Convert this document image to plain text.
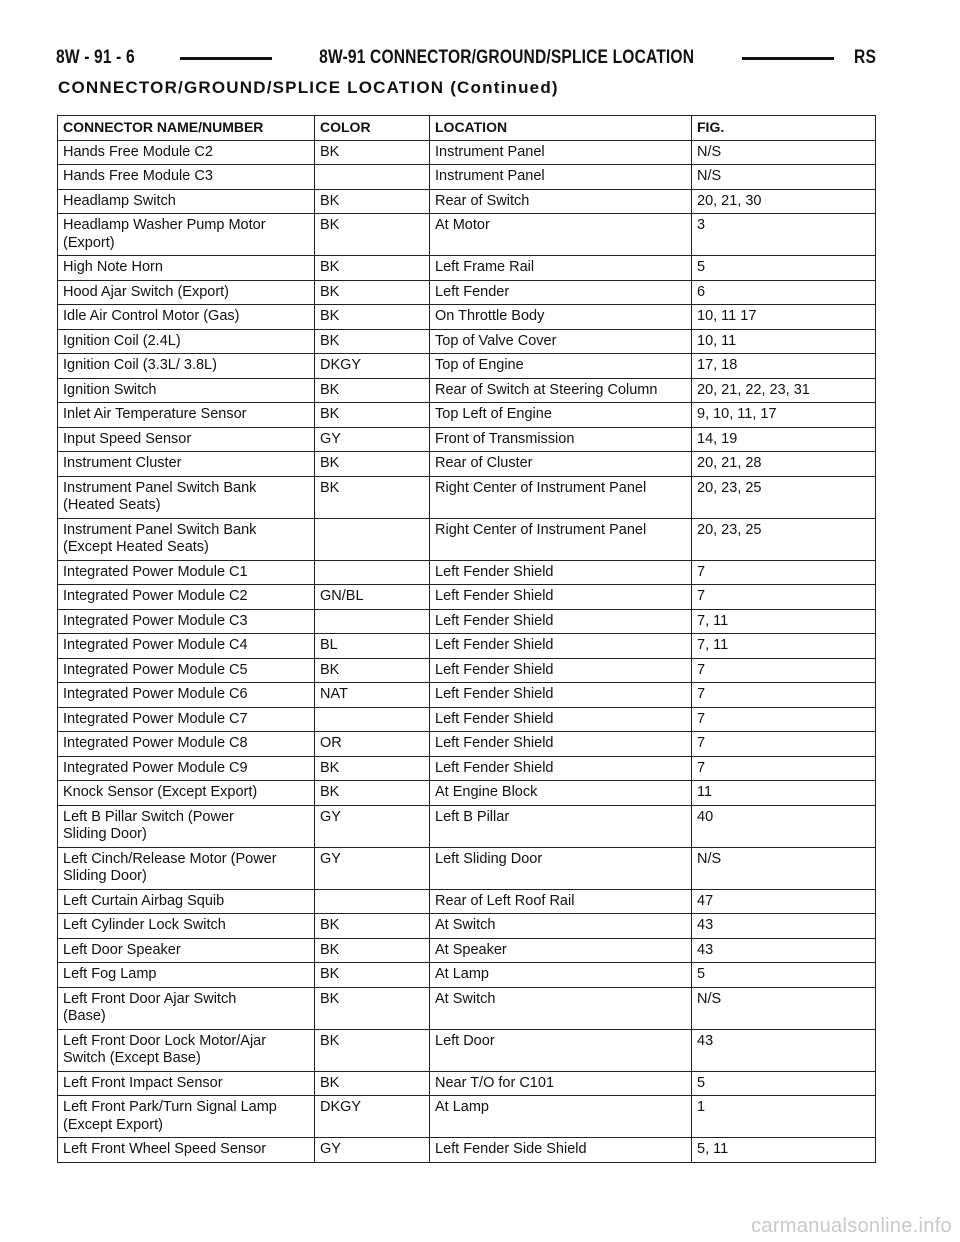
8W - 91 - 6	8W-91 CONNECTOR/GROUND/SPLICE LOCATION	RS
CONNECTOR/GROUND/SPLICE LOCATION (Continued)
CONNECTOR NAME/NUMBER	COLOR	LOCATION	FIG.
Hands Free Module C2	BK	Instrument Panel	N/S
Hands Free Module C3		Instrument Panel	N/S
Headlamp Switch	BK	Rear of Switch	20, 21, 30
Headlamp Washer Pump Motor
(Export)	BK	At Motor	3
High Note Horn	BK	Left Frame Rail	5
Hood Ajar Switch (Export)	BK	Left Fender	6
Idle Air Control Motor (Gas)	BK	On Throttle Body	10, 11 17
Ignition Coil (2.4L)	BK	Top of Valve Cover	10, 11
Ignition Coil (3.3L/ 3.8L)	DKGY	Top of Engine	17, 18
Ignition Switch	BK	Rear of Switch at Steering Column	20, 21, 22, 23, 31
Inlet Air Temperature Sensor	BK	Top Left of Engine	9, 10, 11, 17
Input Speed Sensor	GY	Front of Transmission	14, 19
Instrument Cluster	BK	Rear of Cluster	20, 21, 28
Instrument Panel Switch Bank
(Heated Seats)	BK	Right Center of Instrument Panel	20, 23, 25
Instrument Panel Switch Bank
(Except Heated Seats)		Right Center of Instrument Panel	20, 23, 25
Integrated Power Module C1		Left Fender Shield	7
Integrated Power Module C2	GN/BL	Left Fender Shield	7
Integrated Power Module C3		Left Fender Shield	7, 11
Integrated Power Module C4	BL	Left Fender Shield	7, 11
Integrated Power Module C5	BK	Left Fender Shield	7
Integrated Power Module C6	NAT	Left Fender Shield	7
Integrated Power Module C7		Left Fender Shield	7
Integrated Power Module C8	OR	Left Fender Shield	7
Integrated Power Module C9	BK	Left Fender Shield	7
Knock Sensor (Except Export)	BK	At Engine Block	11
Left B Pillar Switch (Power
Sliding Door)	GY	Left B Pillar	40
Left Cinch/Release Motor (Power
Sliding Door)	GY	Left Sliding Door	N/S
Left Curtain Airbag Squib		Rear of Left Roof Rail	47
Left Cylinder Lock Switch	BK	At Switch	43
Left Door Speaker	BK	At Speaker	43
Left Fog Lamp	BK	At Lamp	5
Left Front Door Ajar Switch
(Base)	BK	At Switch	N/S
Left Front Door Lock Motor/Ajar
Switch (Except Base)	BK	Left Door	43
Left Front Impact Sensor	BK	Near T/O for C101	5
Left Front Park/Turn Signal Lamp
(Except Export)	DKGY	At Lamp	1
Left Front Wheel Speed Sensor	GY	Left Fender Side Shield	5, 11
carmanualsonline.info
